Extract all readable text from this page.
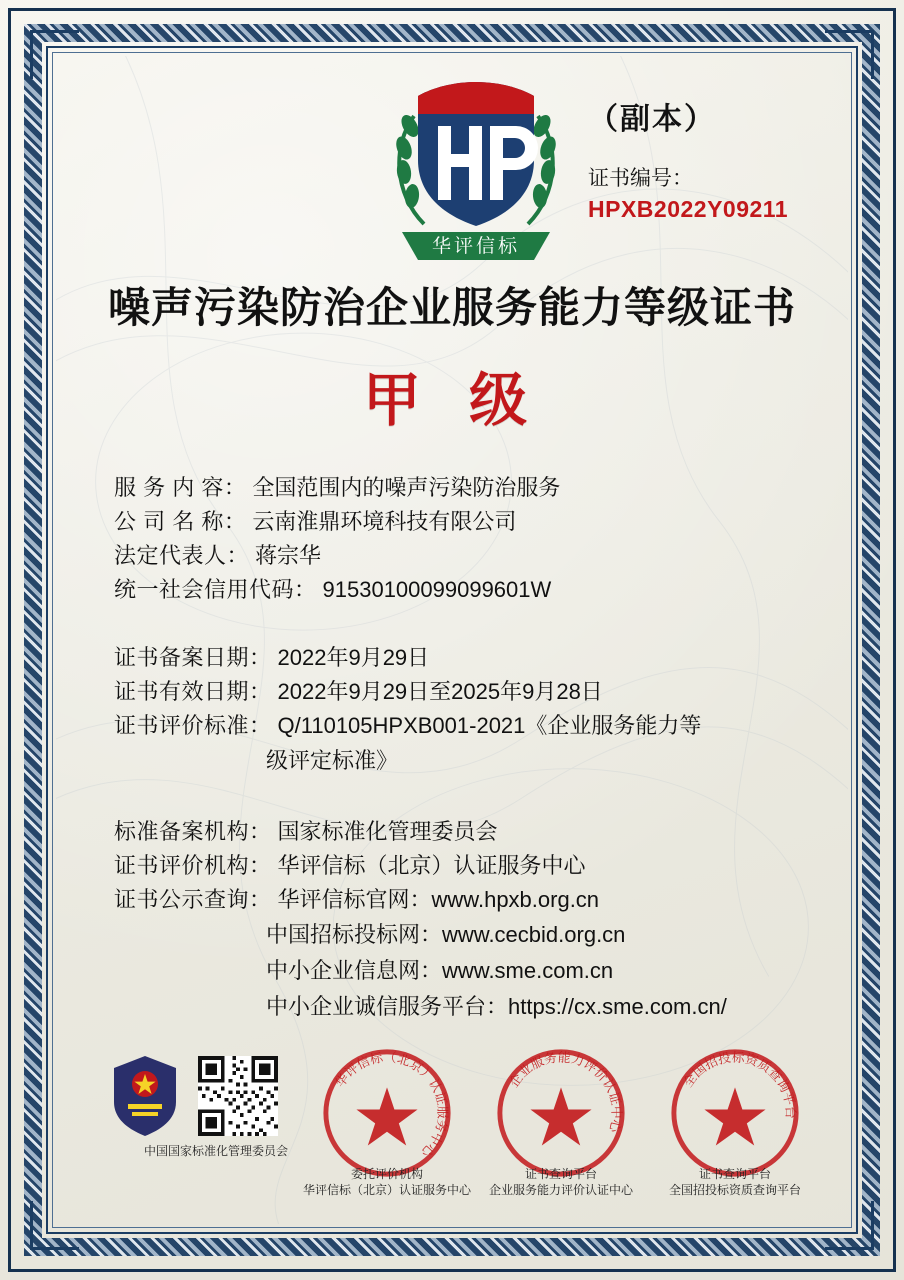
华评信标
（副本）
证书编号：
HPXB2022Y09211
噪声污染防治企业服务能力等级证书
甲 级
服 务 内 容： 全国范围内的噪声污染防治服务
公 司 名 称： 云南淮鼎环境科技有限公司
法定代表人： 蒋宗华
统一社会信用代码： 91530100099099601W
证书备案日期： 2022年9月29日
证书有效日期： 2022年9月29日至2025年9月28日
证书评价标准： Q/110105HPXB001-2021《企业服务能力等
级评定标准》
标准备案机构： 国家标准化管理委员会
证书评价机构： 华评信标（北京）认证服务中心
证书公示查询： 华评信标官网：www.hpxb.org.cn
中国招标投标网：www.cecbid.org.cn
中小企业信息网：www.sme.com.cn
中小企业诚信服务平台：https://cx.sme.com.cn/
中国国家标准化管理委员会
华评信标（北京）认证服务中心
委托评价机构
华评信标（北京）认证服务中心
企业服务能力评价认证中心
证书查询平台
企业服务能力评价认证中心
全国招投标资质查询平台
证书查询平台
全国招投标资质查询平台
